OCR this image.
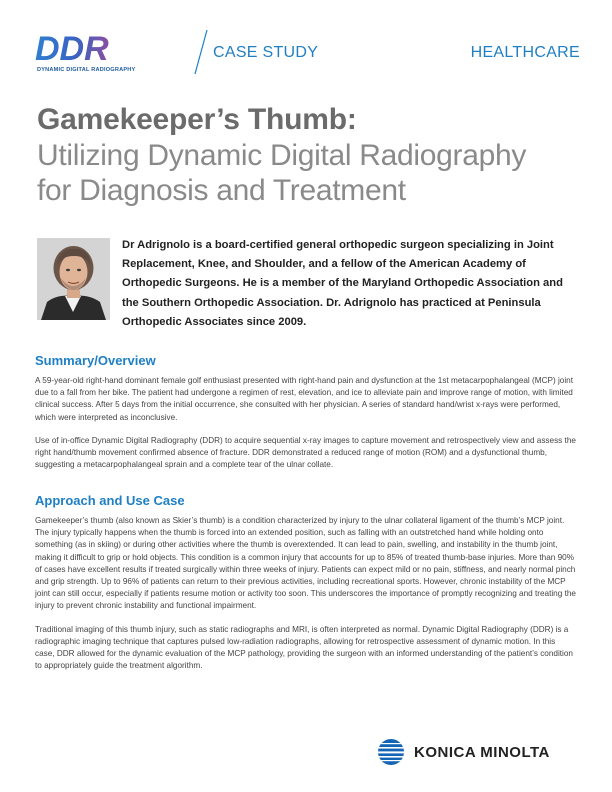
DDR
DYNAMIC DIGITAL RADIOGRAPHY
CASE STUDY	HEALTHCARE
Gamekeeper’s Thumb:
Utilizing Dynamic Digital Radiography
for Diagnosis and Treatment
Dr Adrignolo is a board-certified general orthopedic surgeon specializing in Joint Replacement, Knee, and Shoulder, and a fellow of the American Academy of Orthopedic Surgeons. He is a member of the Maryland Orthopedic Association and the Southern Orthopedic Association. Dr. Adrignolo has practiced at Peninsula Orthopedic Associates since 2009.
Summary/Overview

A 59-year-old right-hand dominant female golf enthusiast presented with right-hand pain and dysfunction at the 1st metacarpophalangeal (MCP) joint due to a fall from her bike. The patient had undergone a regimen of rest, elevation, and ice to alleviate pain and improve range of motion, with limited clinical success. After 5 days from the initial occurrence, she consulted with her physician. A series of standard hand/wrist x-rays were performed, which were interpreted as inconclusive.

Use of in-office Dynamic Digital Radiography (DDR) to acquire sequential x-ray images to capture movement and retrospectively view and assess the right hand/thumb movement confirmed absence of fracture. DDR demonstrated a reduced range of motion (ROM) and a dysfunctional thumb, suggesting a metacarpophalangeal sprain and a complete tear of the ulnar collate.

Approach and Use Case

Gamekeeper’s thumb (also known as Skier’s thumb) is a condition characterized by injury to the ulnar collateral ligament of the thumb’s MCP joint. The injury typically happens when the thumb is forced into an extended position, such as falling with an outstretched hand while holding onto something (as in skiing) or during other activities where the thumb is overextended. It can lead to pain, swelling, and instability in the thumb joint, making it difficult to grip or hold objects. This condition is a common injury that accounts for up to 85% of treated thumb-base injuries. More than 90% of cases have excellent results if treated surgically within three weeks of injury. Patients can expect mild or no pain, stiffness, and nearly normal pinch and grip strength. Up to 96% of patients can return to their previous activities, including recreational sports. However, chronic instability of the MCP joint can still occur, especially if patients resume motion or activity too soon. This underscores the importance of promptly recognizing and treating the injury to prevent chronic instability and functional impairment.

Traditional imaging of this thumb injury, such as static radiographs and MRI, is often interpreted as normal. Dynamic Digital Radiography (DDR) is a radiographic imaging technique that captures pulsed low-radiation radiographs, allowing for retrospective assessment of dynamic motion. In this case, DDR allowed for the dynamic evaluation of the MCP pathology, providing the surgeon with an informed understanding of the patient’s condition to appropriately guide the treatment algorithm.

KONICA MINOLTA
